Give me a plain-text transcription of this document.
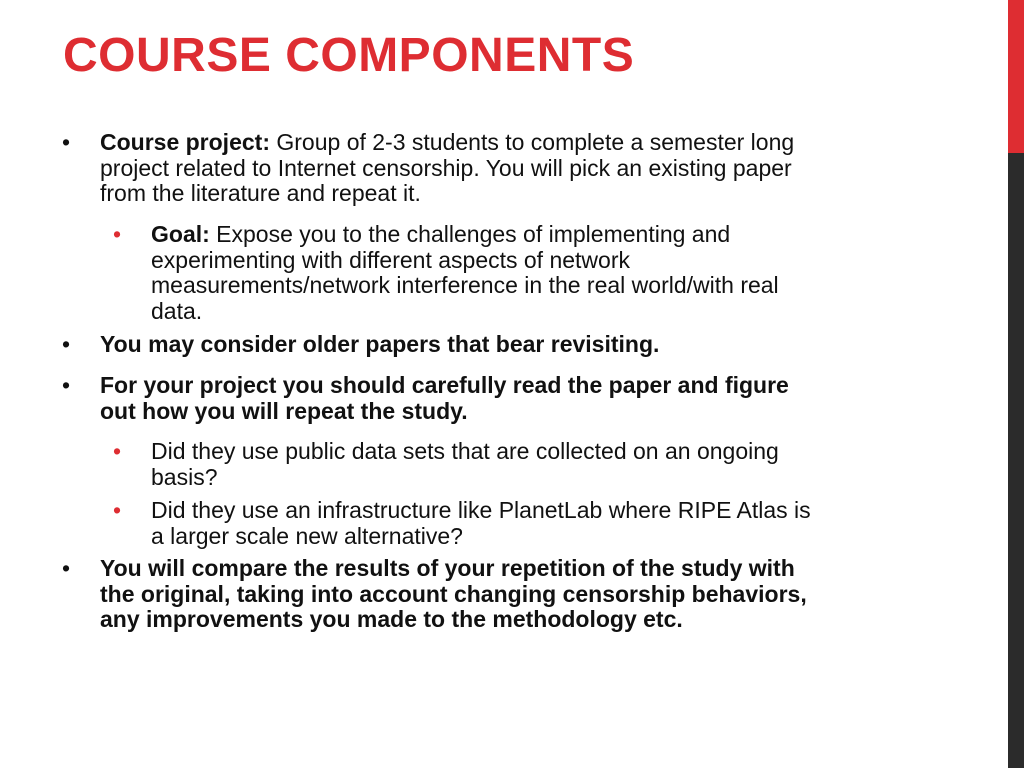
COURSE COMPONENTS
• Course project: Group of 2-3 students to complete a semester long
project related to Internet censorship. You will pick an existing paper
from the literature and repeat it.
• Goal: Expose you to the challenges of implementing and
experimenting with different aspects of network
measurements/network interference in the real world/with real
data.
• You may consider older papers that bear revisiting.
• For your project you should carefully read the paper and figure
out how you will repeat the study.
• Did they use public data sets that are collected on an ongoing
basis?
• Did they use an infrastructure like PlanetLab where RIPE Atlas is
a larger scale new alternative?
• You will compare the results of your repetition of the study with
the original, taking into account changing censorship behaviors,
any improvements you made to the methodology etc.
